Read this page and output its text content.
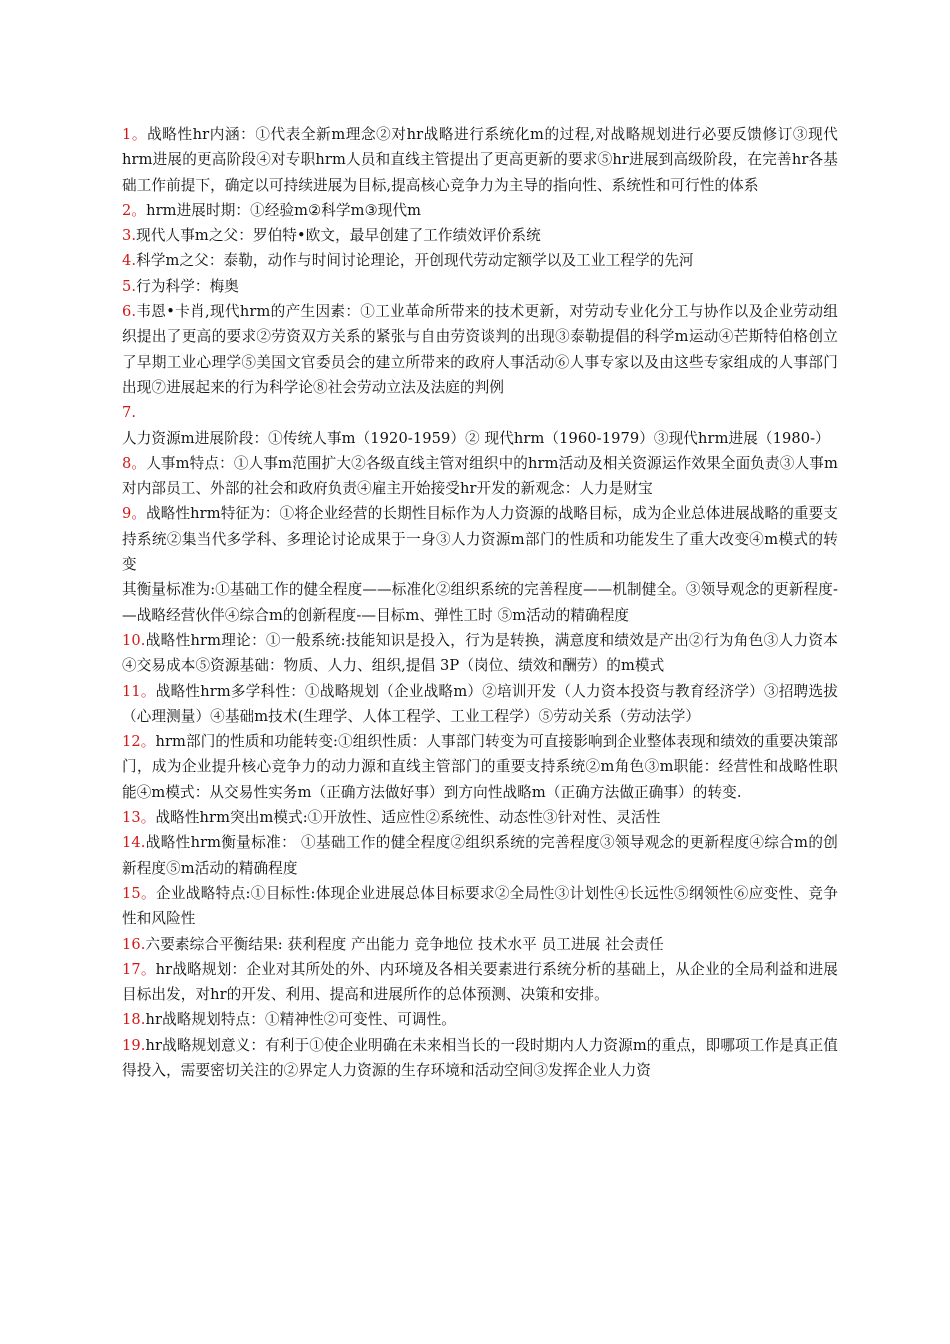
1。战略性hr内涵：①代表全新m理念②对hr战略进行系统化m的过程,对战略规划进行必要反馈修订③现代hrm进展的更高阶段④对专职hrm人员和直线主管提出了更高更新的要求⑤hr进展到高级阶段，在完善hr各基础工作前提下，确定以可持续进展为目标,提高核心竞争力为主导的指向性、系统性和可行性的体系

2。hrm进展时期：①经验m②科学m③现代m

3.现代人事m之父：罗伯特•欧文，最早创建了工作绩效评价系统

4.科学m之父：泰勒，动作与时间讨论理论，开创现代劳动定额学以及工业工程学的先河

5.行为科学：梅奥

6.韦恩•卡肖,现代hrm的产生因素：①工业革命所带来的技术更新，对劳动专业化分工与协作以及企业劳动组织提出了更高的要求②劳资双方关系的紧张与自由劳资谈判的出现③泰勒提倡的科学m运动④芒斯特伯格创立了早期工业心理学⑤美国文官委员会的建立所带来的政府人事活动⑥人事专家以及由这些专家组成的人事部门出现⑦进展起来的行为科学论⑧社会劳动立法及法庭的判例

7.人力资源m进展阶段：①传统人事m（1920-1959）② 现代hrm（1960-1979）③现代hrm进展（1980-）

8。人事m特点：①人事m范围扩大②各级直线主管对组织中的hrm活动及相关资源运作效果全面负责③人事m对内部员工、外部的社会和政府负责④雇主开始接受hr开发的新观念：人力是财宝

9。战略性hrm特征为：①将企业经营的长期性目标作为人力资源的战略目标，成为企业总体进展战略的重要支持系统②集当代多学科、多理论讨论成果于一身③人力资源m部门的性质和功能发生了重大改变④m模式的转变

其衡量标准为:①基础工作的健全程度——标准化②组织系统的完善程度——机制健全。③领导观念的更新程度-—战略经营伙伴④综合m的创新程度-—目标m、弹性工时 ⑤m活动的精确程度

10.战略性hrm理论：①一般系统:技能知识是投入，行为是转换，满意度和绩效是产出②行为角色③人力资本④交易成本⑤资源基础：物质、人力、组织,提倡 3P（岗位、绩效和酬劳）的m模式

11。战略性hrm多学科性：①战略规划（企业战略m）②培训开发（人力资本投资与教育经济学）③招聘选拔（心理测量）④基础m技术(生理学、人体工程学、工业工程学）⑤劳动关系（劳动法学）

12。hrm部门的性质和功能转变:①组织性质：人事部门转变为可直接影响到企业整体表现和绩效的重要决策部门，成为企业提升核心竞争力的动力源和直线主管部门的重要支持系统②m角色③m职能：经营性和战略性职能④m模式：从交易性实务m（正确方法做好事）到方向性战略m（正确方法做正确事）的转变.

13。战略性hrm突出m模式:①开放性、适应性②系统性、动态性③针对性、灵活性

14.战略性hrm衡量标准： ①基础工作的健全程度②组织系统的完善程度③领导观念的更新程度④综合m的创新程度⑤m活动的精确程度

15。企业战略特点:①目标性:体现企业进展总体目标要求②全局性③计划性④长远性⑤纲领性⑥应变性、竞争性和风险性

16.六要素综合平衡结果: 获利程度 产出能力 竞争地位 技术水平 员工进展 社会责任

17。hr战略规划：企业对其所处的外、内环境及各相关要素进行系统分析的基础上，从企业的全局利益和进展目标出发，对hr的开发、利用、提高和进展所作的总体预测、决策和安排。

18.hr战略规划特点：①精神性②可变性、可调性。

19.hr战略规划意义：有利于①使企业明确在未来相当长的一段时期内人力资源m的重点，即哪项工作是真正值得投入，需要密切关注的②界定人力资源的生存环境和活动空间③发挥企业人力资
